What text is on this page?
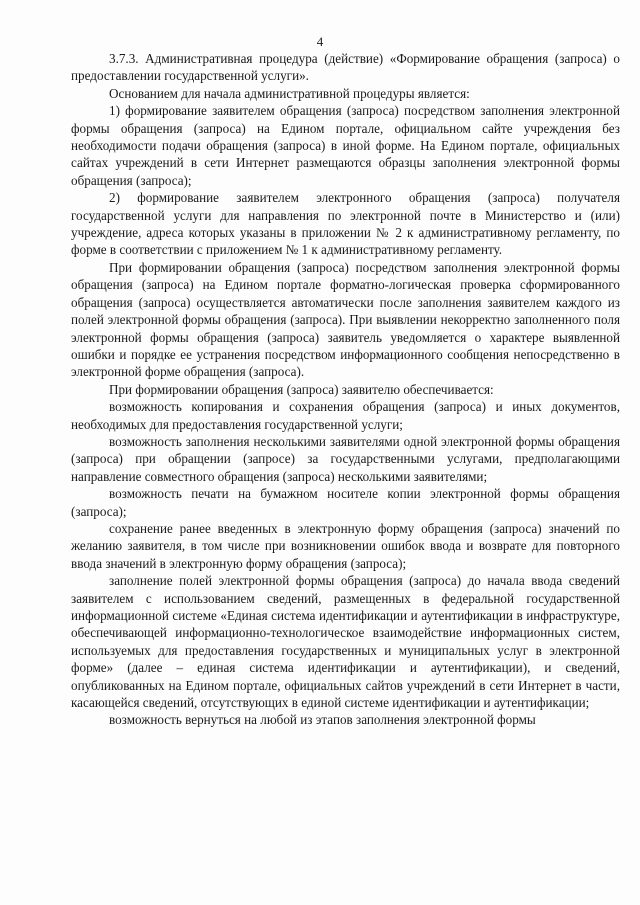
4

3.7.3. Административная процедура (действие) «Формирование обращения (запроса) о предоставлении государственной услуги».

Основанием для начала административной процедуры является:

1) формирование заявителем обращения (запроса) посредством заполнения электронной формы обращения (запроса) на Едином портале, официальном сайте учреждения без необходимости подачи обращения (запроса) в иной форме. На Едином портале, официальных сайтах учреждений в сети Интернет размещаются образцы заполнения электронной формы обращения (запроса);

2) формирование заявителем электронного обращения (запроса) получателя государственной услуги для направления по электронной почте в Министерство и (или) учреждение, адреса которых указаны в приложении № 2 к административному регламенту, по форме в соответствии с приложением № 1 к административному регламенту.

При формировании обращения (запроса) посредством заполнения электронной формы обращения (запроса) на Едином портале форматно-логическая проверка сформированного обращения (запроса) осуществляется автоматически после заполнения заявителем каждого из полей электронной формы обращения (запроса). При выявлении некорректно заполненного поля электронной формы обращения (запроса) заявитель уведомляется о характере выявленной ошибки и порядке ее устранения посредством информационного сообщения непосредственно в электронной форме обращения (запроса).

При формировании обращения (запроса) заявителю обеспечивается:

возможность копирования и сохранения обращения (запроса) и иных документов, необходимых для предоставления государственной услуги;

возможность заполнения несколькими заявителями одной электронной формы обращения (запроса) при обращении (запросе) за государственными услугами, предполагающими направление совместного обращения (запроса) несколькими заявителями;

возможность печати на бумажном носителе копии электронной формы обращения (запроса);

сохранение ранее введенных в электронную форму обращения (запроса) значений по желанию заявителя, в том числе при возникновении ошибок ввода и возврате для повторного ввода значений в электронную форму обращения (запроса);

заполнение полей электронной формы обращения (запроса) до начала ввода сведений заявителем с использованием сведений, размещенных в федеральной государственной информационной системе «Единая система идентификации и аутентификации в инфраструктуре, обеспечивающей информационно-технологическое взаимодействие информационных систем, используемых для предоставления государственных и муниципальных услуг в электронной форме» (далее – единая система идентификации и аутентификации), и сведений, опубликованных на Едином портале, официальных сайтов учреждений в сети Интернет в части, касающейся сведений, отсутствующих в единой системе идентификации и аутентификации;

возможность вернуться на любой из этапов заполнения электронной формы
